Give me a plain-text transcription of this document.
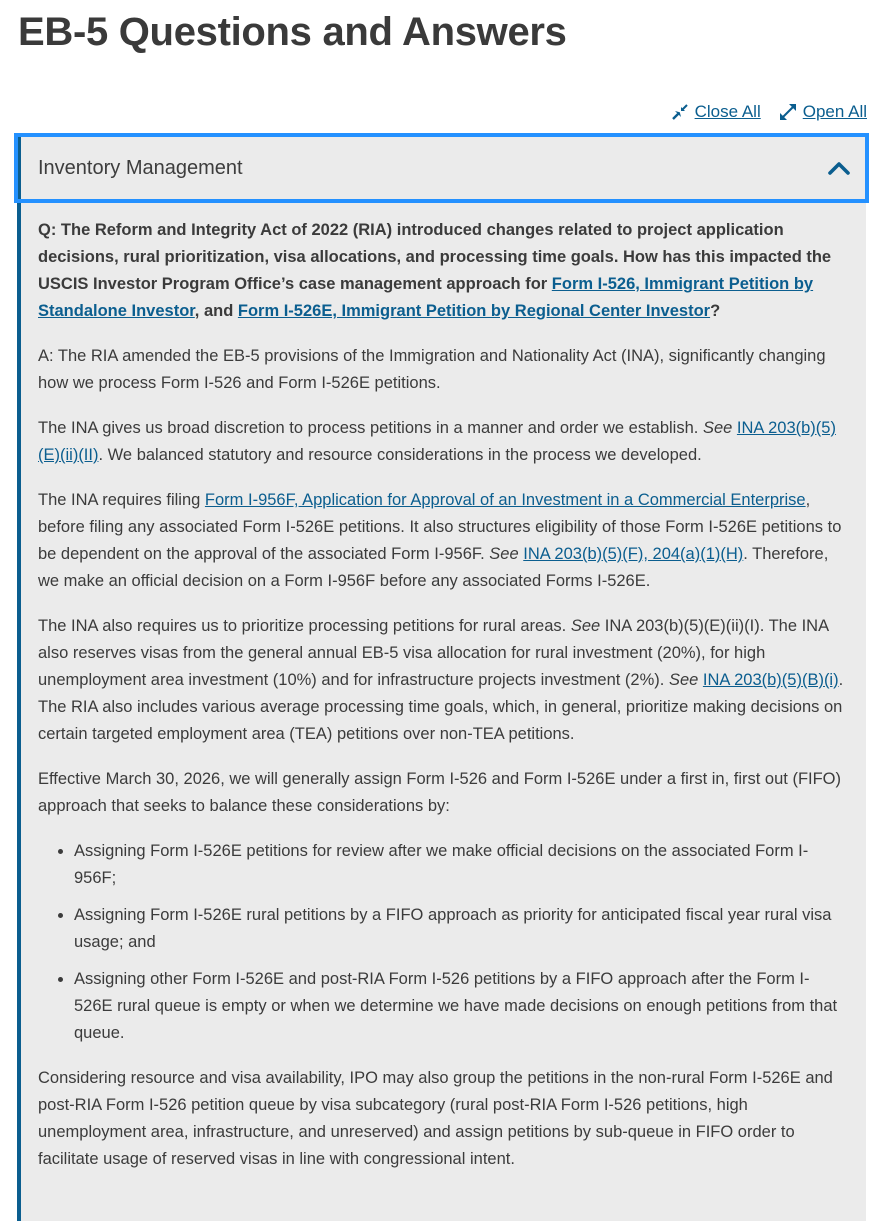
EB-5 Questions and Answers
Close All Open All
Inventory Management

Q: The Reform and Integrity Act of 2022 (RIA) introduced changes related to project application decisions, rural prioritization, visa allocations, and processing time goals. How has this impacted the USCIS Investor Program Office’s case management approach for Form I-526, Immigrant Petition by Standalone Investor, and Form I-526E, Immigrant Petition by Regional Center Investor?

A: The RIA amended the EB-5 provisions of the Immigration and Nationality Act (INA), significantly changing how we process Form I-526 and Form I-526E petitions.

The INA gives us broad discretion to process petitions in a manner and order we establish. See INA 203(b)(5)(E)(ii)(II). We balanced statutory and resource considerations in the process we developed.

The INA requires filing Form I-956F, Application for Approval of an Investment in a Commercial Enterprise, before filing any associated Form I-526E petitions. It also structures eligibility of those Form I-526E petitions to be dependent on the approval of the associated Form I-956F. See INA 203(b)(5)(F), 204(a)(1)(H). Therefore, we make an official decision on a Form I-956F before any associated Forms I-526E.

The INA also requires us to prioritize processing petitions for rural areas. See INA 203(b)(5)(E)(ii)(I). The INA also reserves visas from the general annual EB-5 visa allocation for rural investment (20%), for high unemployment area investment (10%) and for infrastructure projects investment (2%). See INA 203(b)(5)(B)(i). The RIA also includes various average processing time goals, which, in general, prioritize making decisions on certain targeted employment area (TEA) petitions over non-TEA petitions.

Effective March 30, 2026, we will generally assign Form I-526 and Form I-526E under a first in, first out (FIFO) approach that seeks to balance these considerations by:

• Assigning Form I-526E petitions for review after we make official decisions on the associated Form I-956F;
• Assigning Form I-526E rural petitions by a FIFO approach as priority for anticipated fiscal year rural visa usage; and
• Assigning other Form I-526E and post-RIA Form I-526 petitions by a FIFO approach after the Form I-526E rural queue is empty or when we determine we have made decisions on enough petitions from that queue.

Considering resource and visa availability, IPO may also group the petitions in the non-rural Form I-526E and post-RIA Form I-526 petition queue by visa subcategory (rural post-RIA Form I-526 petitions, high unemployment area, infrastructure, and unreserved) and assign petitions by sub-queue in FIFO order to facilitate usage of reserved visas in line with congressional intent.
